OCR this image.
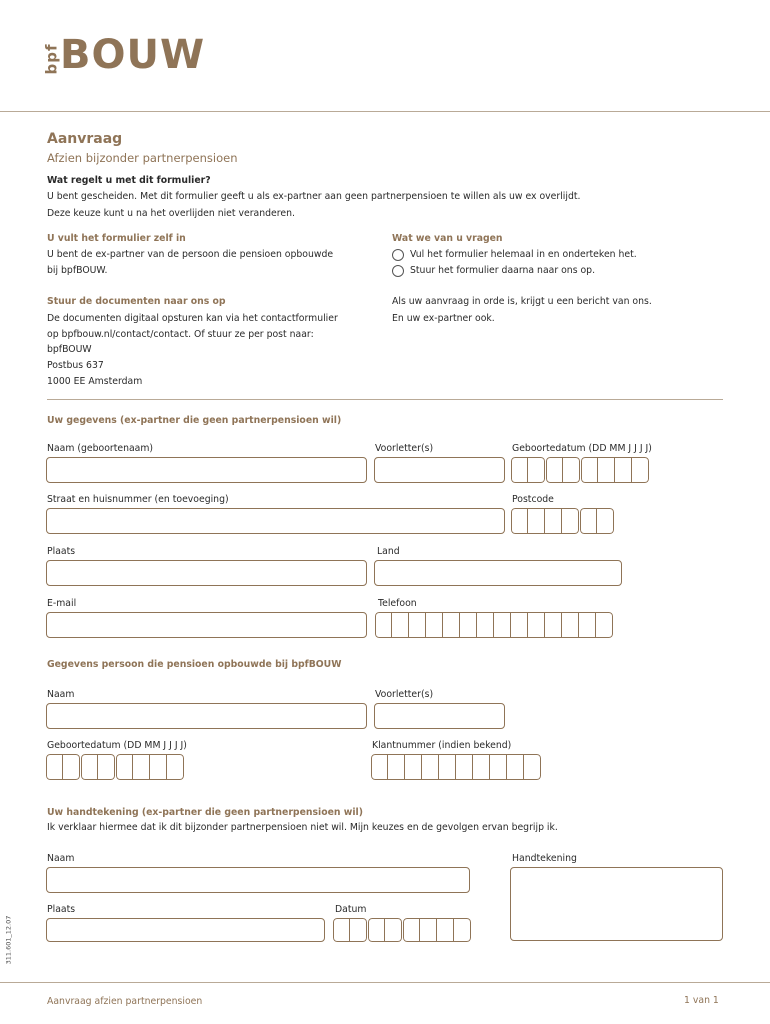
bpf BOUW
Aanvraag
Afzien bijzonder partnerpensioen
Wat regelt u met dit formulier?
U bent gescheiden. Met dit formulier geeft u als ex-partner aan geen partnerpensioen te willen als uw ex overlijdt.
Deze keuze kunt u na het overlijden niet veranderen.
U vult het formulier zelf in
U bent de ex-partner van de persoon die pensioen opbouwde
bij bpfBOUW.
Wat we van u vragen
Vul het formulier helemaal in en onderteken het.
Stuur het formulier daarna naar ons op.
Stuur de documenten naar ons op
De documenten digitaal opsturen kan via het contactformulier
op bpfbouw.nl/contact/contact. Of stuur ze per post naar:
bpfBOUW
Postbus 637
1000 EE Amsterdam
Als uw aanvraag in orde is, krijgt u een bericht van ons.
En uw ex-partner ook.
Uw gegevens (ex-partner die geen partnerpensioen wil)
Naam (geboortenaam)	Voorletter(s)	Geboortedatum (DD MM J J J J)
Straat en huisnummer (en toevoeging)	Postcode
Plaats	Land
E-mail	Telefoon
Gegevens persoon die pensioen opbouwde bij bpfBOUW
Naam	Voorletter(s)
Geboortedatum (DD MM J J J J)	Klantnummer (indien bekend)
Uw handtekening (ex-partner die geen partnerpensioen wil)
Ik verklaar hiermee dat ik dit bijzonder partnerpensioen niet wil. Mijn keuzes en de gevolgen ervan begrijp ik.
Naam	Handtekening
Plaats	Datum
311.601_12.07
Aanvraag afzien partnerpensioen	1 van 1
